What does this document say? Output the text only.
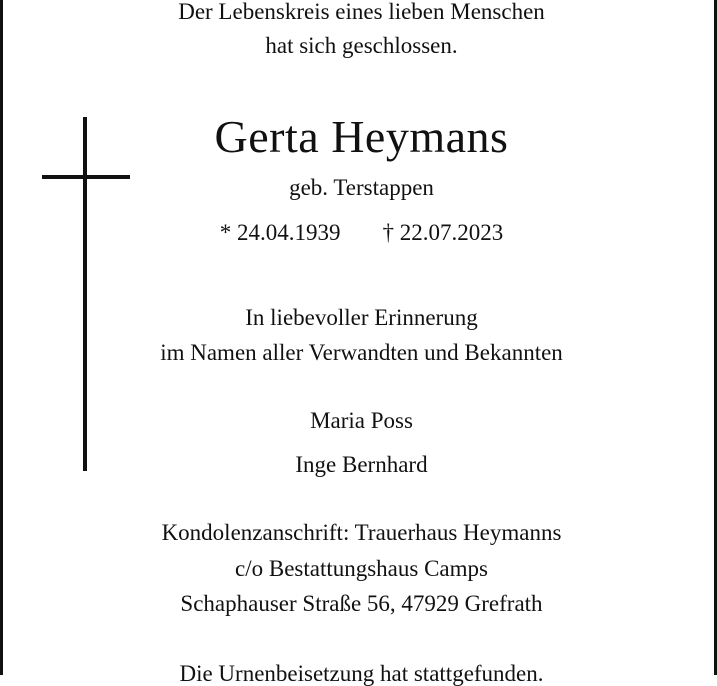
Der Lebenskreis eines lieben Menschen
hat sich geschlossen.
Gerta Heymans
geb. Terstappen
* 24.04.1939 † 22.07.2023
In liebevoller Erinnerung
im Namen aller Verwandten und Bekannten
Maria Poss
Inge Bernhard
Kondolenzanschrift: Trauerhaus Heymanns
c/o Bestattungshaus Camps
Schaphauser Straße 56, 47929 Grefrath
Die Urnenbeisetzung hat stattgefunden.
